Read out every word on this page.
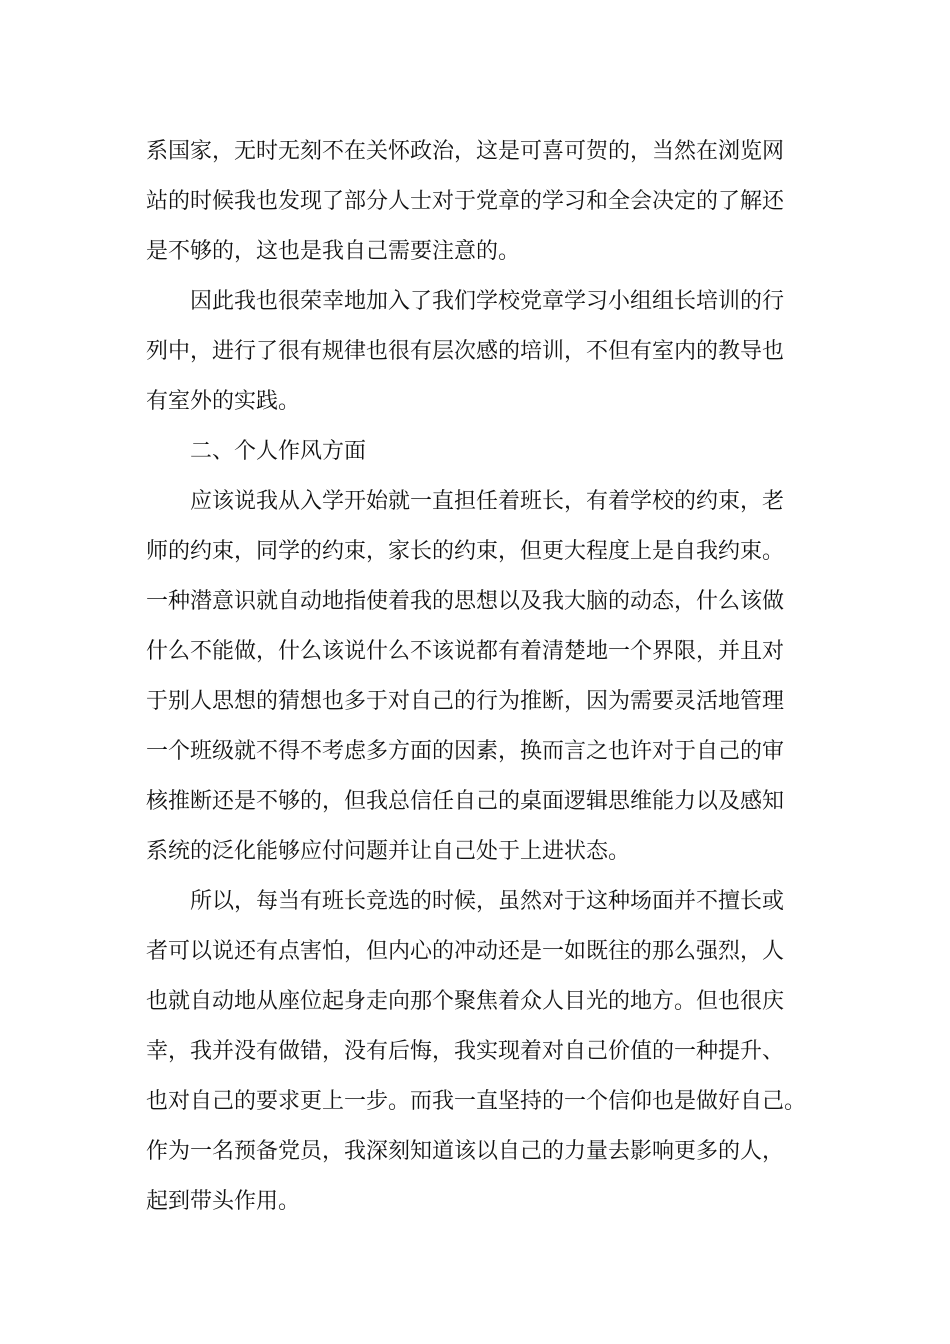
系国家，无时无刻不在关怀政治，这是可喜可贺的，当然在浏览网
站的时候我也发现了部分人士对于党章的学习和全会决定的了解还
是不够的，这也是我自己需要注意的。
因此我也很荣幸地加入了我们学校党章学习小组组长培训的行
列中，进行了很有规律也很有层次感的培训，不但有室内的教导也
有室外的实践。
二、个人作风方面
应该说我从入学开始就一直担任着班长，有着学校的约束，老
师的约束，同学的约束，家长的约束，但更大程度上是自我约束。
一种潜意识就自动地指使着我的思想以及我大脑的动态，什么该做
什么不能做，什么该说什么不该说都有着清楚地一个界限，并且对
于别人思想的猜想也多于对自己的行为推断，因为需要灵活地管理
一个班级就不得不考虑多方面的因素，换而言之也许对于自己的审
核推断还是不够的，但我总信任自己的桌面逻辑思维能力以及感知
系统的泛化能够应付问题并让自己处于上进状态。
所以，每当有班长竞选的时候，虽然对于这种场面并不擅长或
者可以说还有点害怕，但内心的冲动还是一如既往的那么强烈，人
也就自动地从座位起身走向那个聚焦着众人目光的地方。但也很庆
幸，我并没有做错，没有后悔，我实现着对自己价值的一种提升、
也对自己的要求更上一步。而我一直坚持的一个信仰也是做好自己。
作为一名预备党员，我深刻知道该以自己的力量去影响更多的人，
起到带头作用。
